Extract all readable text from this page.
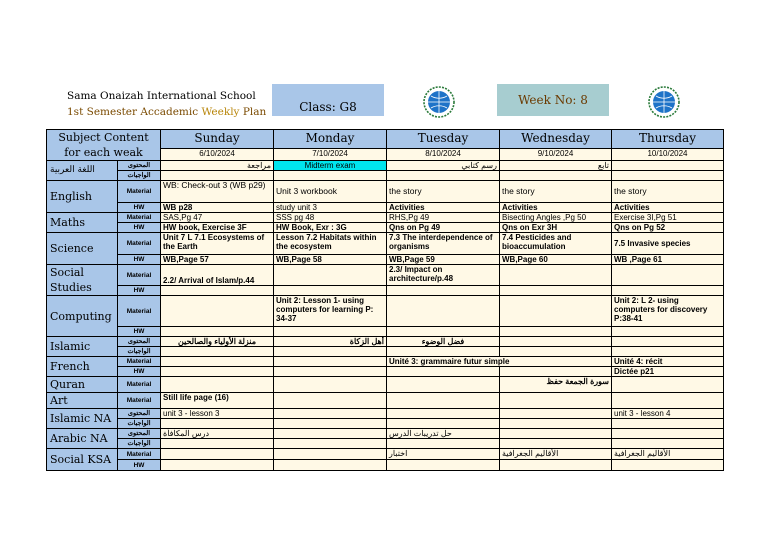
Sama Onaizah International School
1st Semester Accademic Weekly Plan	Class: G8	Week No: 8
Subject Content for each weak		Sunday	Monday	Tuesday	Wednesday	Thursday
		6/10/2024	7/10/2024	8/10/2024	9/10/2024	10/10/2024
اللغة العربية	المحتوى	مراجعة	Midterm exam	رسم كتابي	تابع	
	الواجبات					
English	Material	WB: Check-out 3 (WB p29)	Unit 3 workbook	the story	the story	the story
	HW	WB p28	study unit 3	Activities	Activities	Activities
Maths	Material	SAS,Pg 47	SSS pg 48	RHS,Pg 49	Bisecting Angles ,Pg 50	Exercise 3I,Pg 51
	HW	HW book, Exercise 3F	HW Book, Exr : 3G	Qns on Pg 49	Qns on Exr 3H	Qns on Pg 52
Science	Material	Unit 7 L 7.1 Ecosystems of the Earth	Lesson 7.2 Habitats within the ecosystem	7.3 The interdependence of organisms	7.4 Pesticides and bioaccumulation	7.5 Invasive species
	HW	WB,Page 57	WB,Page 58	WB,Page 59	WB,Page 60	WB ,Page 61
Social Studies	Material	2.2/ Arrival of Islam/p.44		2.3/ Impact on architecture/p.48		
	HW					
Computing	Material		Unit 2: Lesson 1- using computers for learning P: 34-37			Unit 2: L 2- using computers for discovery P:38-41
	HW					
Islamic	المحتوى	منزلة الأولياء والصالحين	أهل الزكاة	فضل الوضوء		
	الواجبات					
French	Material			Unité 3: grammaire futur simple		Unité 4: récit
	HW					Dictée p21
Quran	Material				سورة الجمعة حفظ	
Art	Material	Still life page (16)				
Islamic NA	المحتوى	unit 3 - lesson 3				unit 3 - lesson 4
	الواجبات					
Arabic NA	المحتوى	درس المكافأة		حل تدريبات الدرس		
	الواجبات					
Social KSA	Material			اختبار	الأقاليم الجغرافية	الأقاليم الجغرافية
	HW					
